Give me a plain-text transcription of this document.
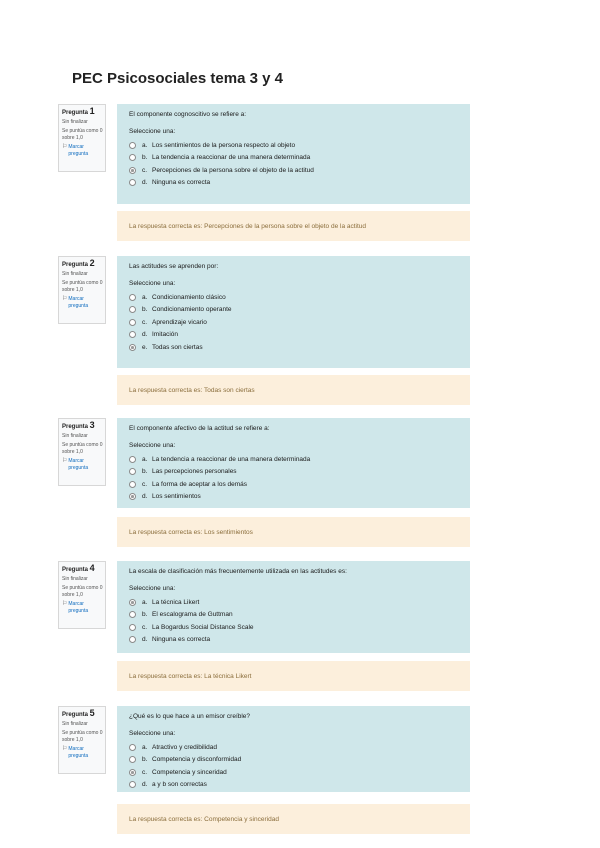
PEC Psicosociales tema 3 y 4
Pregunta 1
Sin finalizar
Se puntúa como 0 sobre 1,0
⚐ Marcar pregunta
El componente cognoscitivo se refiere a:
Seleccione una:
a. Los sentimientos de la persona respecto al objeto
b. La tendencia a reaccionar de una manera determinada
c. Percepciones de la persona sobre el objeto de la actitud
d. Ninguna es correcta
La respuesta correcta es: Percepciones de la persona sobre el objeto de la actitud
Pregunta 2
Sin finalizar
Se puntúa como 0 sobre 1,0
⚐ Marcar pregunta
Las actitudes se aprenden por:
Seleccione una:
a. Condicionamiento clásico
b. Condicionamiento operante
c. Aprendizaje vicario
d. Imitación
e. Todas son ciertas
La respuesta correcta es: Todas son ciertas
Pregunta 3
Sin finalizar
Se puntúa como 0 sobre 1,0
⚐ Marcar pregunta
El componente afectivo de la actitud se refiere a:
Seleccione una:
a. La tendencia a reaccionar de una manera determinada
b. Las percepciones personales
c. La forma de aceptar a los demás
d. Los sentimientos
La respuesta correcta es: Los sentimientos
Pregunta 4
Sin finalizar
Se puntúa como 0 sobre 1,0
⚐ Marcar pregunta
La escala de clasificación más frecuentemente utilizada en las actitudes es:
Seleccione una:
a. La técnica Likert
b. El escalograma de Guttman
c. La Bogardus Social Distance Scale
d. Ninguna es correcta
La respuesta correcta es: La técnica Likert
Pregunta 5
Sin finalizar
Se puntúa como 0 sobre 1,0
⚐ Marcar pregunta
¿Qué es lo que hace a un emisor creíble?
Seleccione una:
a. Atractivo y credibilidad
b. Competencia y disconformidad
c. Competencia y sinceridad
d. a y b son correctas
La respuesta correcta es: Competencia y sinceridad
